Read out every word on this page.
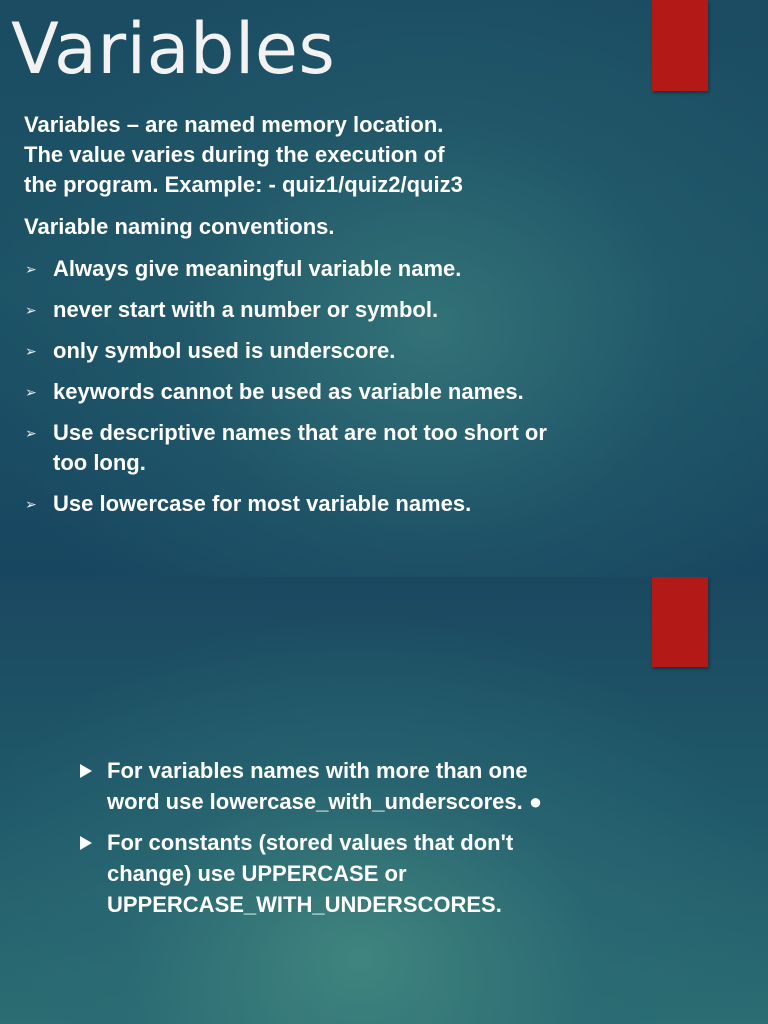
Variables

Variables – are named memory location.
The value varies during the execution of
the program. Example: - quiz1/quiz2/quiz3

Variable naming conventions.

➢ Always give meaningful variable name.
➢ never start with a number or symbol.
➢ only symbol used is underscore.
➢ keywords cannot be used as variable names.
➢ Use descriptive names that are not too short or too long.
➢ Use lowercase for most variable names.
For variables names with more than one
word use lowercase_with_underscores. ●
For constants (stored values that don't
change) use UPPERCASE or
UPPERCASE_WITH_UNDERSCORES.
